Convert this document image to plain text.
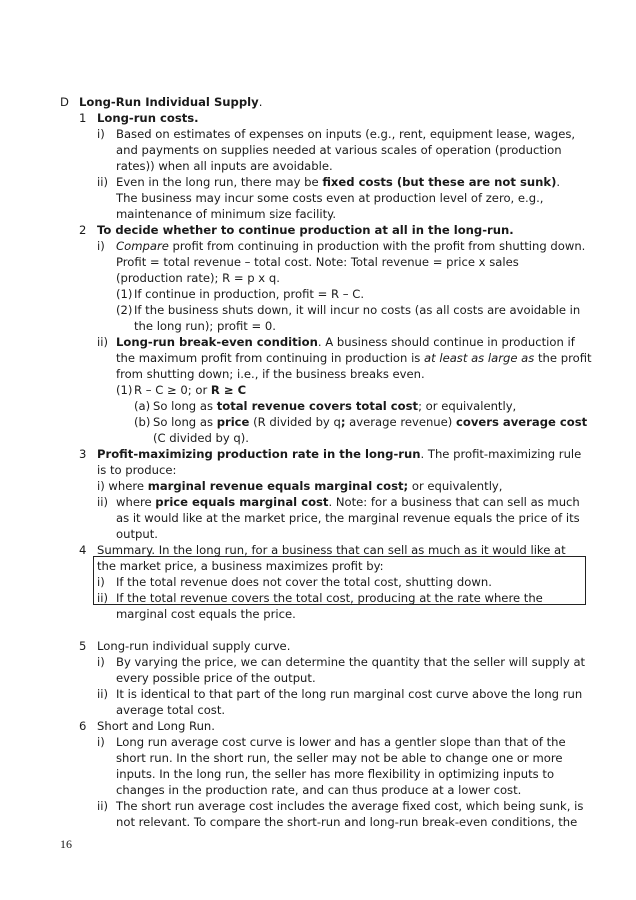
D Long-Run Individual Supply.
1 Long-run costs.
i) Based on estimates of expenses on inputs (e.g., rent, equipment lease, wages,
and payments on supplies needed at various scales of operation (production
rates)) when all inputs are avoidable.
ii) Even in the long run, there may be fixed costs (but these are not sunk).
The business may incur some costs even at production level of zero, e.g.,
maintenance of minimum size facility.
2 To decide whether to continue production at all in the long-run.
i) Compare profit from continuing in production with the profit from shutting down.
Profit = total revenue – total cost. Note: Total revenue = price x sales
(production rate); R = p x q.
(1) If continue in production, profit = R – C.
(2) If the business shuts down, it will incur no costs (as all costs are avoidable in
the long run); profit = 0.
ii) Long-run break-even condition. A business should continue in production if
the maximum profit from continuing in production is at least as large as the profit
from shutting down; i.e., if the business breaks even.
(1) R – C ≥ 0; or R ≥ C
(a) So long as total revenue covers total cost; or equivalently,
(b) So long as price (R divided by q; average revenue) covers average cost
(C divided by q).
3 Profit-maximizing production rate in the long-run. The profit-maximizing rule
is to produce:
i) where marginal revenue equals marginal cost; or equivalently,
ii) where price equals marginal cost. Note: for a business that can sell as much
as it would like at the market price, the marginal revenue equals the price of its
output.
4 Summary. In the long run, for a business that can sell as much as it would like at
the market price, a business maximizes profit by:
i) If the total revenue does not cover the total cost, shutting down.
ii) If the total revenue covers the total cost, producing at the rate where the
marginal cost equals the price.
5 Long-run individual supply curve.
i) By varying the price, we can determine the quantity that the seller will supply at
every possible price of the output.
ii) It is identical to that part of the long run marginal cost curve above the long run
average total cost.
6 Short and Long Run.
i) Long run average cost curve is lower and has a gentler slope than that of the
short run. In the short run, the seller may not be able to change one or more
inputs. In the long run, the seller has more flexibility in optimizing inputs to
changes in the production rate, and can thus produce at a lower cost.
ii) The short run average cost includes the average fixed cost, which being sunk, is
not relevant. To compare the short-run and long-run break-even conditions, the
16
